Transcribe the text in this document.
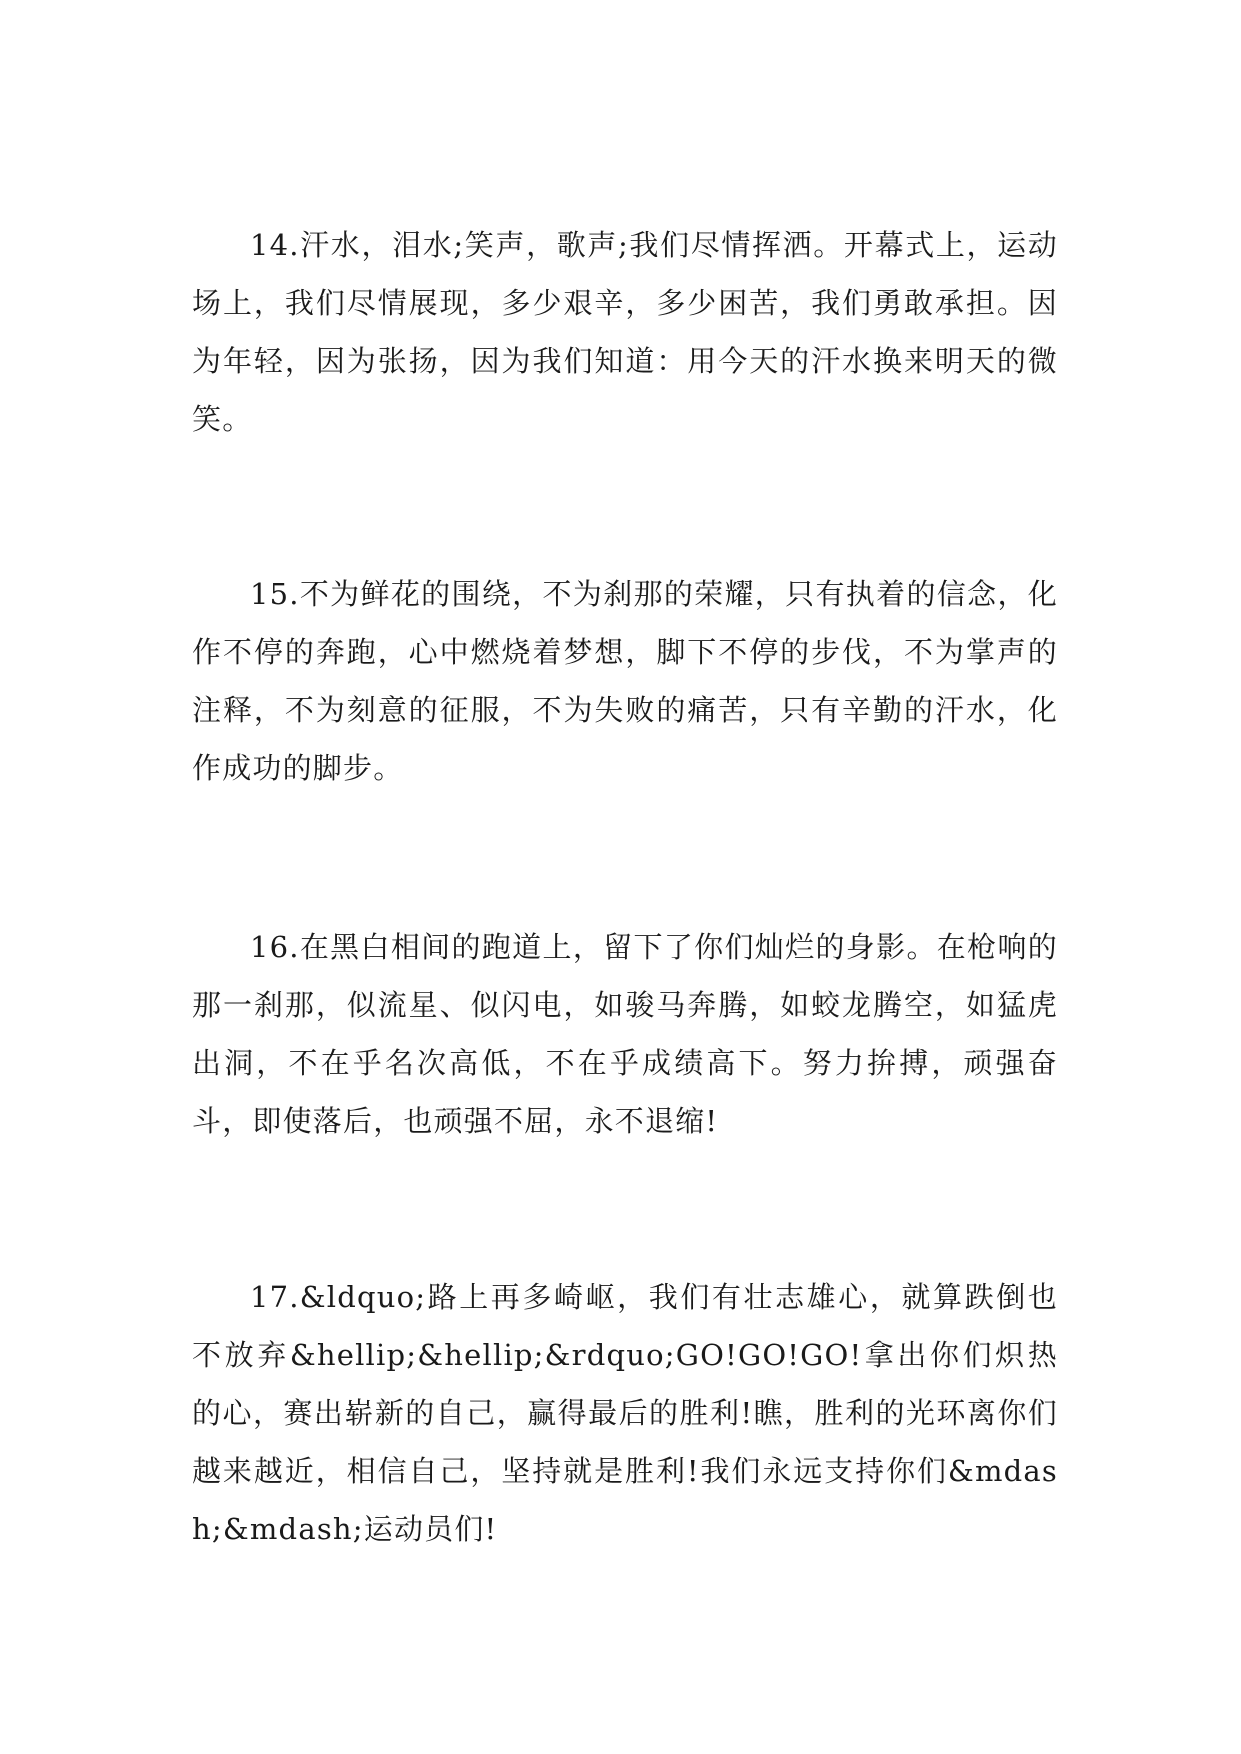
14.汗水，泪水;笑声，歌声;我们尽情挥洒。开幕式上，运动场上，我们尽情展现，多少艰辛，多少困苦，我们勇敢承担。因为年轻，因为张扬，因为我们知道：用今天的汗水换来明天的微笑。

15.不为鲜花的围绕，不为刹那的荣耀，只有执着的信念，化作不停的奔跑，心中燃烧着梦想，脚下不停的步伐，不为掌声的注释，不为刻意的征服，不为失败的痛苦，只有辛勤的汗水，化作成功的脚步。

16.在黑白相间的跑道上，留下了你们灿烂的身影。在枪响的那一刹那，似流星、似闪电，如骏马奔腾，如蛟龙腾空，如猛虎出洞，不在乎名次高低，不在乎成绩高下。努力拚搏，顽强奋斗，即使落后，也顽强不屈，永不退缩!

17.&ldquo;路上再多崎岖，我们有壮志雄心，就算跌倒也不放弃&hellip;&hellip;&rdquo;GO!GO!GO!拿出你们炽热的心，赛出崭新的自己，赢得最后的胜利!瞧，胜利的光环离你们越来越近，相信自己，坚持就是胜利!我们永远支持你们&mdash;&mdash;运动员们!
